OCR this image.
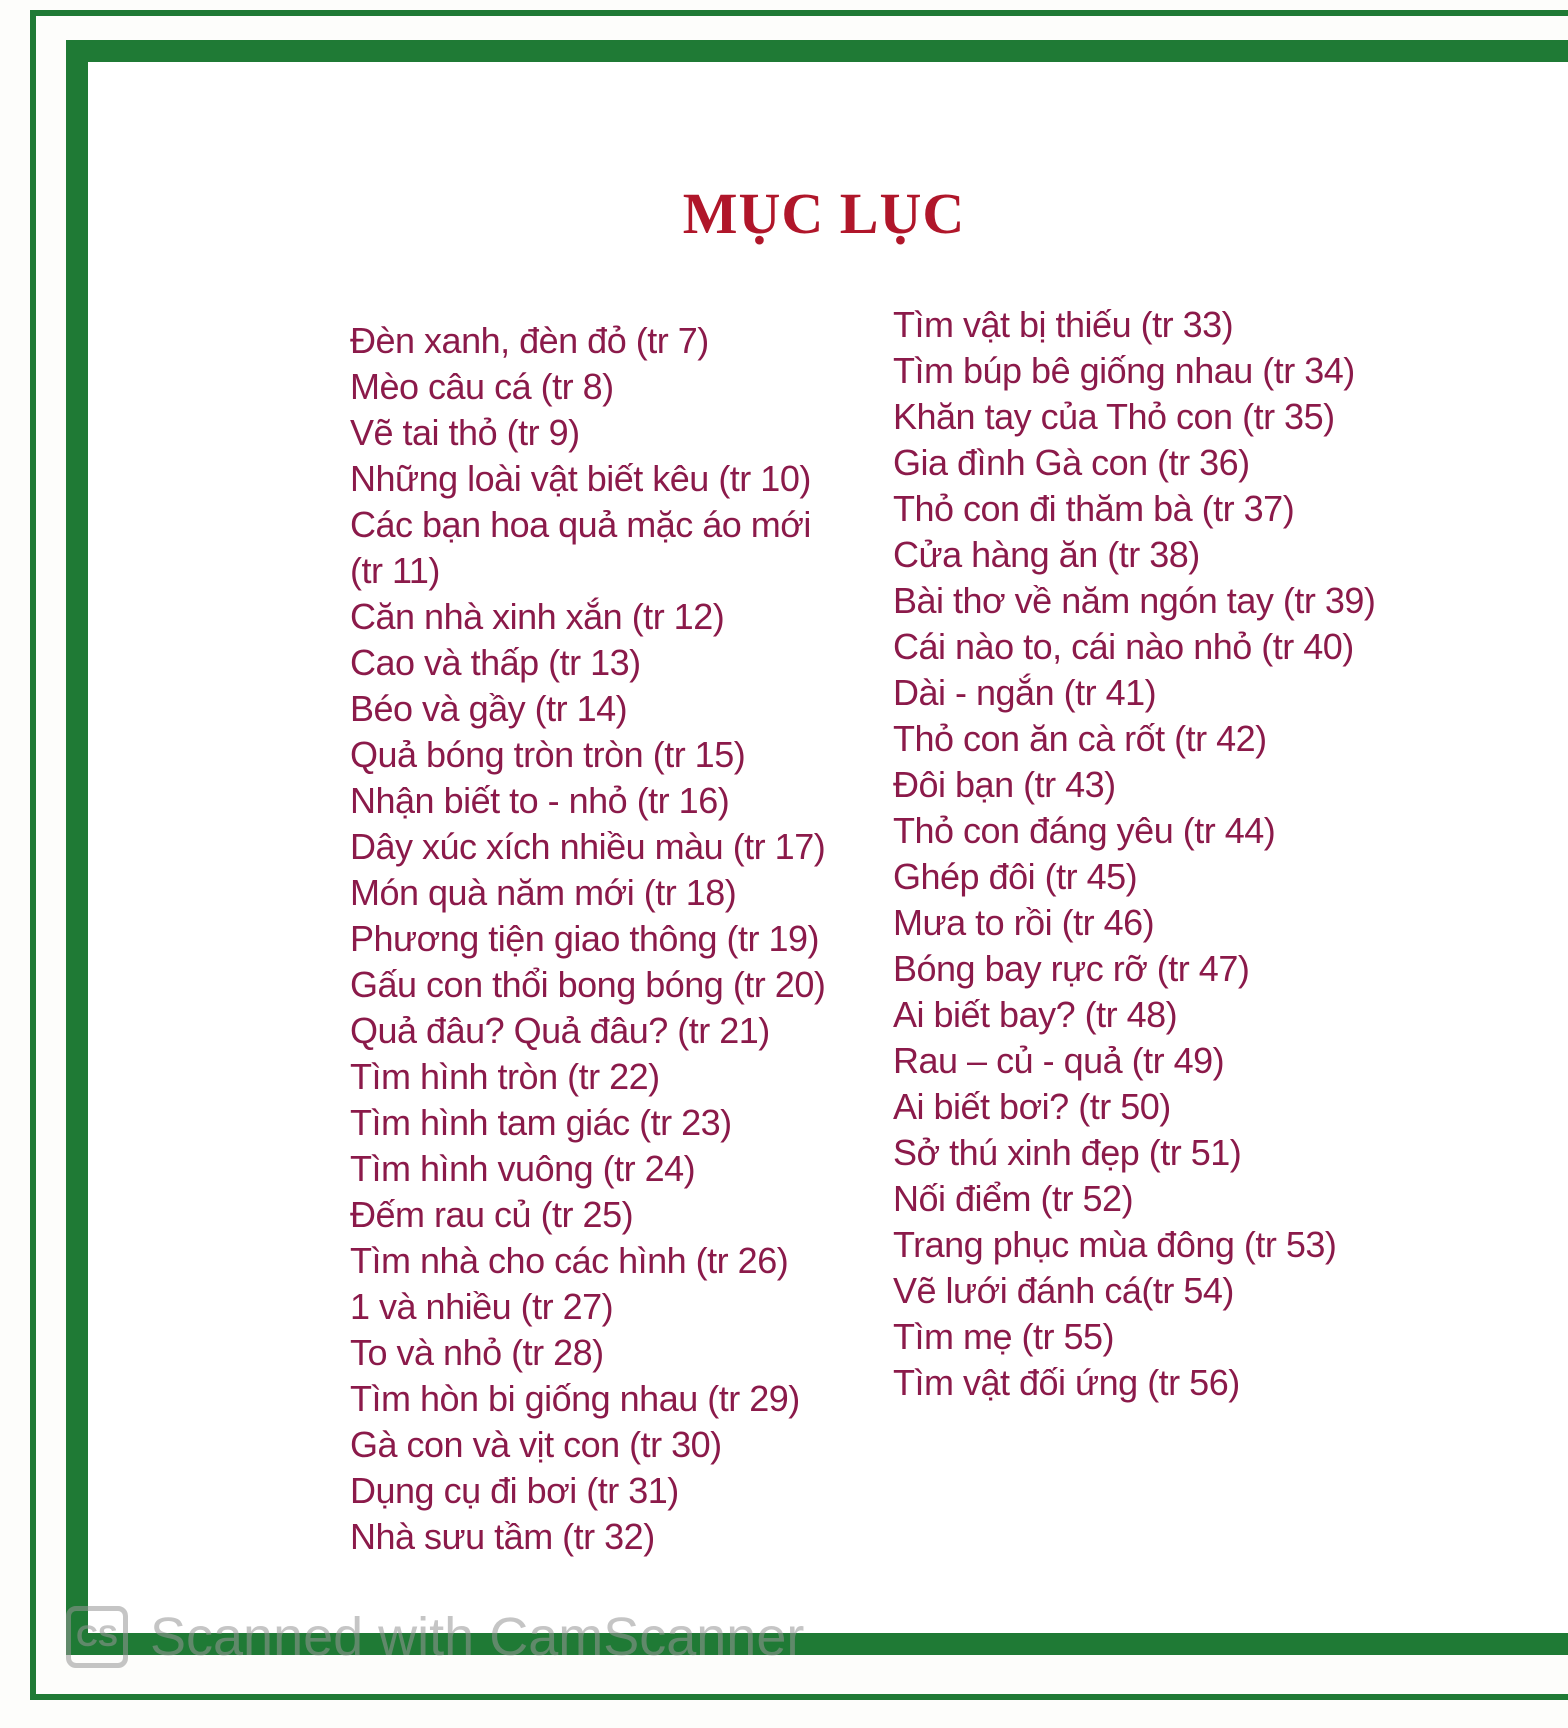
MỤC LỤC
Đèn xanh, đèn đỏ (tr 7)
Mèo câu cá (tr 8)
Vẽ tai thỏ (tr 9)
Những loài vật biết kêu (tr 10)
Các bạn hoa quả mặc áo mới (tr 11)
Căn nhà xinh xắn (tr 12)
Cao và thấp (tr 13)
Béo và gầy (tr 14)
Quả bóng tròn tròn (tr 15)
Nhận biết to - nhỏ (tr 16)
Dây xúc xích nhiều màu (tr 17)
Món quà năm mới (tr 18)
Phương tiện giao thông (tr 19)
Gấu con thổi bong bóng (tr 20)
Quả đâu? Quả đâu? (tr 21)
Tìm hình tròn (tr 22)
Tìm hình tam giác (tr 23)
Tìm hình vuông (tr 24)
Đếm rau củ (tr 25)
Tìm nhà cho các hình (tr 26)
1 và nhiều (tr 27)
To và nhỏ (tr 28)
Tìm hòn bi giống nhau (tr 29)
Gà con và vịt con (tr 30)
Dụng cụ đi bơi (tr 31)
Nhà sưu tầm (tr 32)
Tìm vật bị thiếu (tr 33)
Tìm búp bê giống nhau (tr 34)
Khăn tay của Thỏ con (tr 35)
Gia đình Gà con (tr 36)
Thỏ con đi thăm bà (tr 37)
Cửa hàng ăn (tr 38)
Bài thơ về năm ngón tay (tr 39)
Cái nào to, cái nào nhỏ (tr 40)
Dài - ngắn (tr 41)
Thỏ con ăn cà rốt (tr 42)
Đôi bạn (tr 43)
Thỏ con đáng yêu (tr 44)
Ghép đôi (tr 45)
Mưa to rồi (tr 46)
Bóng bay rực rỡ (tr 47)
Ai biết bay? (tr 48)
Rau – củ - quả (tr 49)
Ai biết bơi? (tr 50)
Sở thú xinh đẹp (tr 51)
Nối điểm (tr 52)
Trang phục mùa đông (tr 53)
Vẽ lưới đánh cá(tr 54)
Tìm mẹ (tr 55)
Tìm vật đối ứng (tr 56)
CS Scanned with CamScanner
